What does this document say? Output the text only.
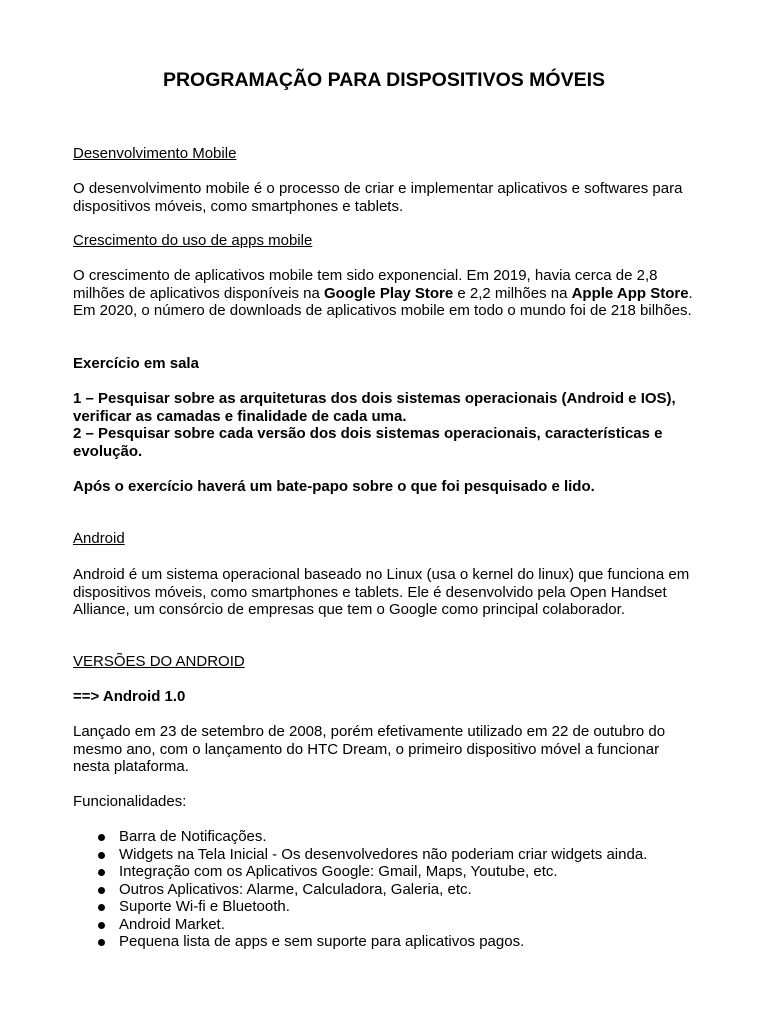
PROGRAMAÇÃO PARA DISPOSITIVOS MÓVEIS

Desenvolvimento Mobile

O desenvolvimento mobile é o processo de criar e implementar aplicativos e softwares para dispositivos móveis, como smartphones e tablets.

Crescimento do uso de apps mobile

O crescimento de aplicativos mobile tem sido exponencial. Em 2019, havia cerca de 2,8 milhões de aplicativos disponíveis na Google Play Store e 2,2 milhões na Apple App Store. Em 2020, o número de downloads de aplicativos mobile em todo o mundo foi de 218 bilhões.

Exercício em sala

1 – Pesquisar sobre as arquiteturas dos dois sistemas operacionais (Android e IOS), verificar as camadas e finalidade de cada uma.

2 – Pesquisar sobre cada versão dos dois sistemas operacionais, características e evolução.

Após o exercício haverá um bate-papo sobre o que foi pesquisado e lido.

Android

Android é um sistema operacional baseado no Linux (usa o kernel do linux) que funciona em dispositivos móveis, como smartphones e tablets. Ele é desenvolvido pela Open Handset Alliance, um consórcio de empresas que tem o Google como principal colaborador.

VERSÕES DO ANDROID

==> Android 1.0

Lançado em 23 de setembro de 2008, porém efetivamente utilizado em 22 de outubro do mesmo ano, com o lançamento do HTC Dream, o primeiro dispositivo móvel a funcionar nesta plataforma.

Funcionalidades:

Barra de Notificações.
Widgets na Tela Inicial - Os desenvolvedores não poderiam criar widgets ainda.
Integração com os Aplicativos Google: Gmail, Maps, Youtube, etc.
Outros Aplicativos: Alarme, Calculadora, Galeria, etc.
Suporte Wi-fi e Bluetooth.
Android Market.
Pequena lista de apps e sem suporte para aplicativos pagos.
